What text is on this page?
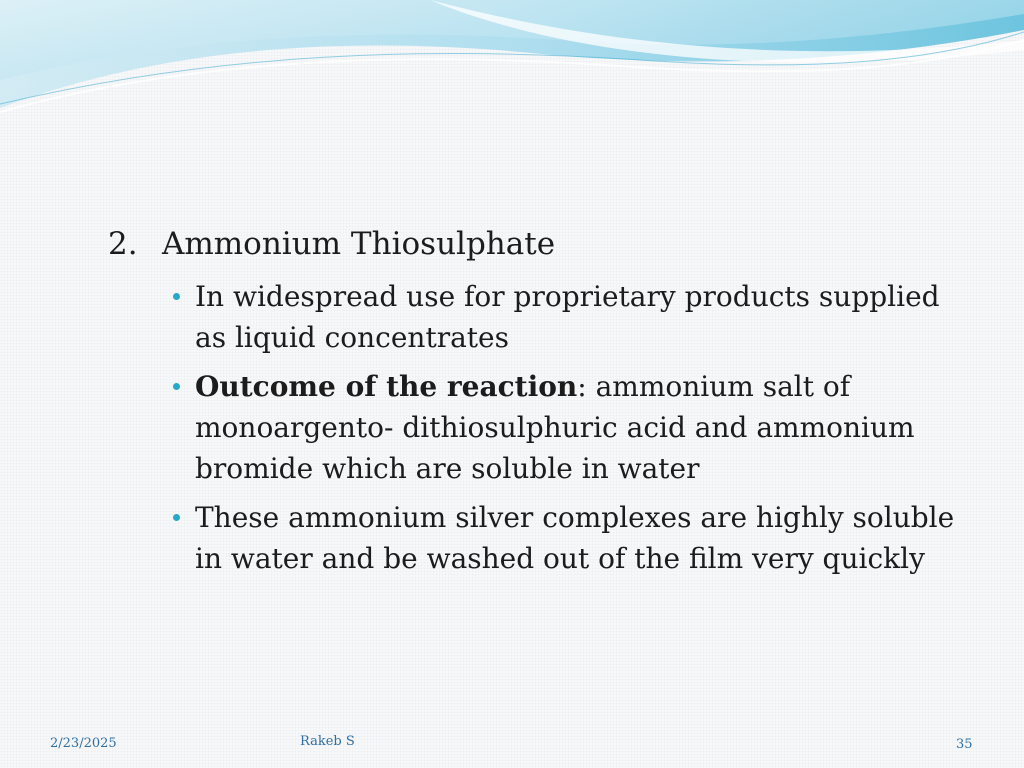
2. Ammonium Thiosulphate
In widespread use for proprietary products supplied as liquid concentrates
Outcome of the reaction: ammonium salt of monoargento- dithiosulphuric acid and ammonium bromide which are soluble in water
These ammonium silver complexes are highly soluble in water and be washed out of the film very quickly
2/23/2025	Rakeb S	35
